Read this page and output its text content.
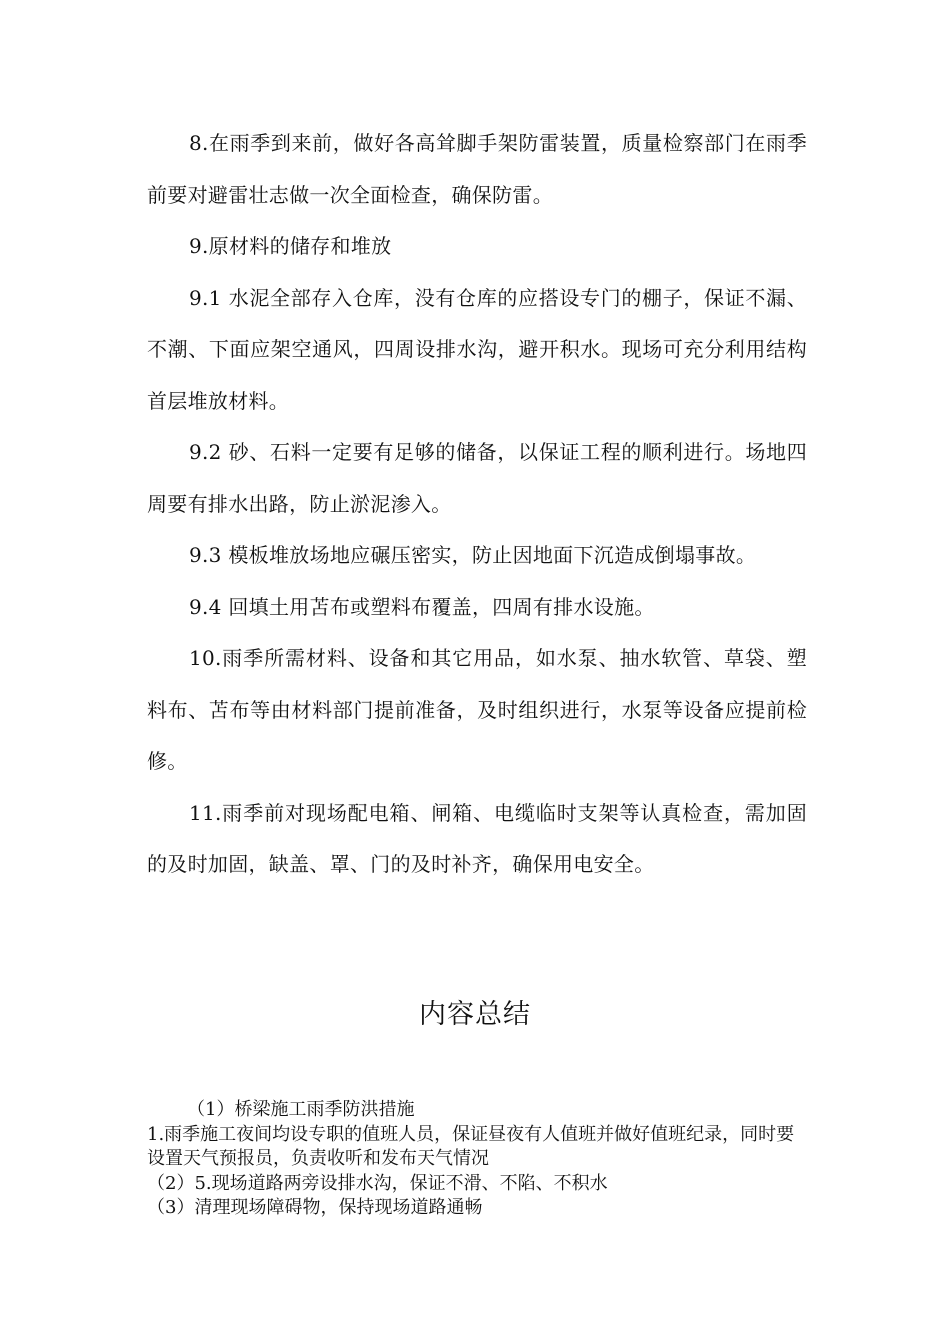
8.在雨季到来前，做好各高耸脚手架防雷装置，质量检察部门在雨季前要对避雷壮志做一次全面检查，确保防雷。

9.原材料的储存和堆放

9.1 水泥全部存入仓库，没有仓库的应搭设专门的棚子，保证不漏、不潮、下面应架空通风，四周设排水沟，避开积水。现场可充分利用结构首层堆放材料。

9.2 砂、石料一定要有足够的储备，以保证工程的顺利进行。场地四周要有排水出路，防止淤泥渗入。

9.3 模板堆放场地应碾压密实，防止因地面下沉造成倒塌事故。

9.4 回填土用苫布或塑料布覆盖，四周有排水设施。

10.雨季所需材料、设备和其它用品，如水泵、抽水软管、草袋、塑料布、苫布等由材料部门提前准备，及时组织进行，水泵等设备应提前检修。

11.雨季前对现场配电箱、闸箱、电缆临时支架等认真检查，需加固的及时加固，缺盖、罩、门的及时补齐，确保用电安全。

内容总结

（1）桥梁施工雨季防洪措施

1.雨季施工夜间均设专职的值班人员，保证昼夜有人值班并做好值班纪录，同时要设置天气预报员，负责收听和发布天气情况

（2）5.现场道路两旁设排水沟，保证不滑、不陷、不积水

（3）清理现场障碍物，保持现场道路通畅
